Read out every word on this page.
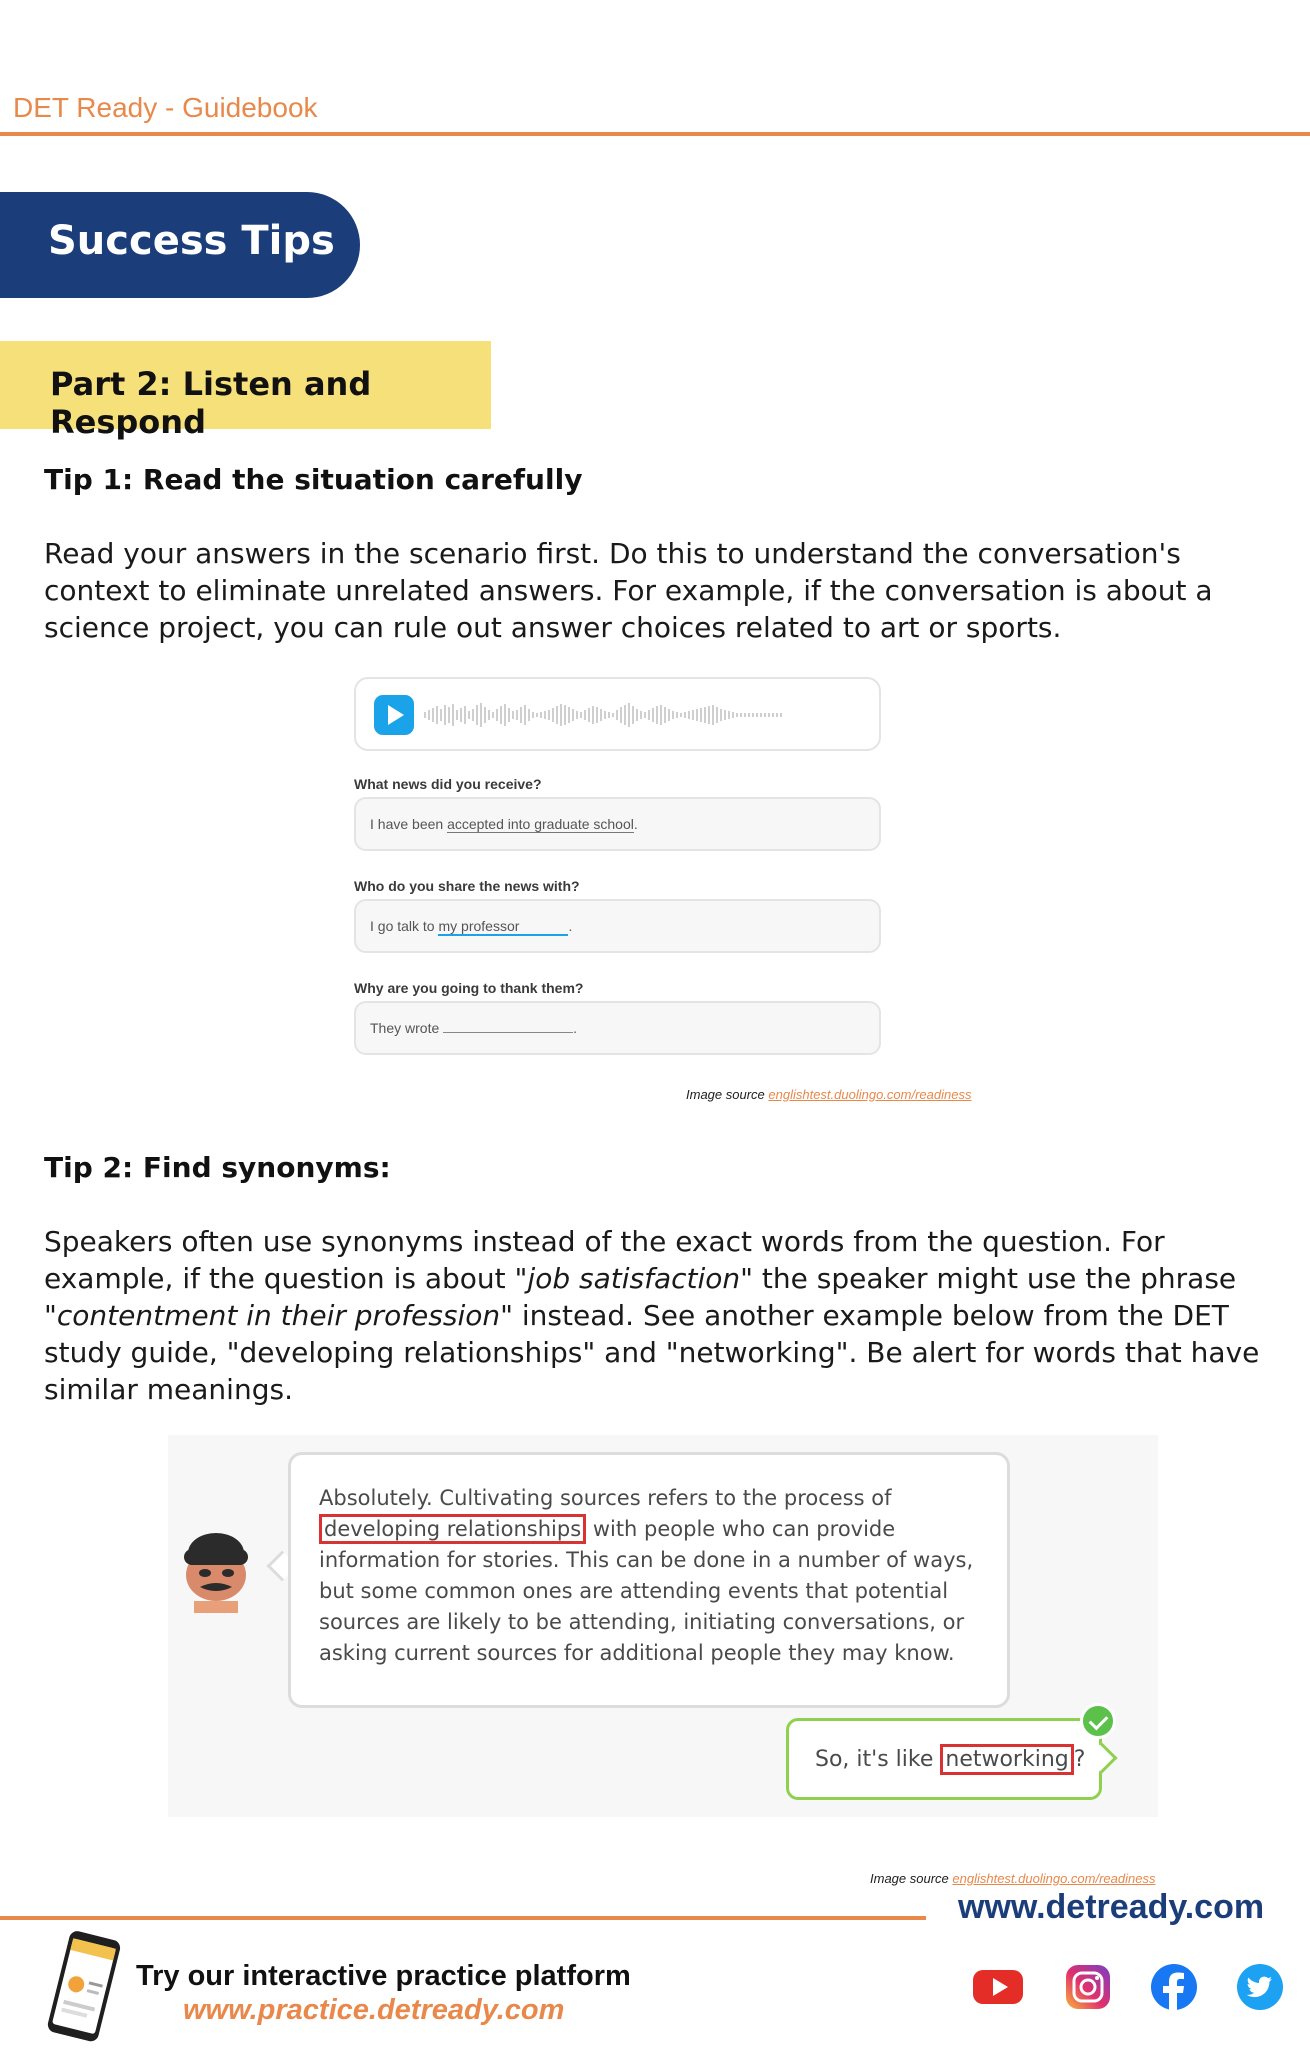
DET Ready - Guidebook
Success Tips
Part 2: Listen and Respond
Tip 1: Read the situation carefully
Read your answers in the scenario first. Do this to understand the conversation's context to eliminate unrelated answers. For example, if the conversation is about a science project, you can rule out answer choices related to art or sports.
What news did you receive?
I have been accepted into graduate school.
Who do you share the news with?
I go talk to my professor	.
Why are you going to thank them?
They wrote	.
Image source englishtest.duolingo.com/readiness
Tip 2: Find synonyms:
Speakers often use synonyms instead of the exact words from the question. For example, if the question is about "job satisfaction" the speaker might use the phrase "contentment in their profession" instead. See another example below from the DET study guide, "developing relationships" and "networking". Be alert for words that have similar meanings.
Absolutely. Cultivating sources refers to the process of developing relationships with people who can provide information for stories. This can be done in a number of ways, but some common ones are attending events that potential sources are likely to be attending, initiating conversations, or asking current sources for additional people they may know.
So, it's like networking ?
Image source englishtest.duolingo.com/readiness
www.detready.com
Try our interactive practice platform
www.practice.detready.com
